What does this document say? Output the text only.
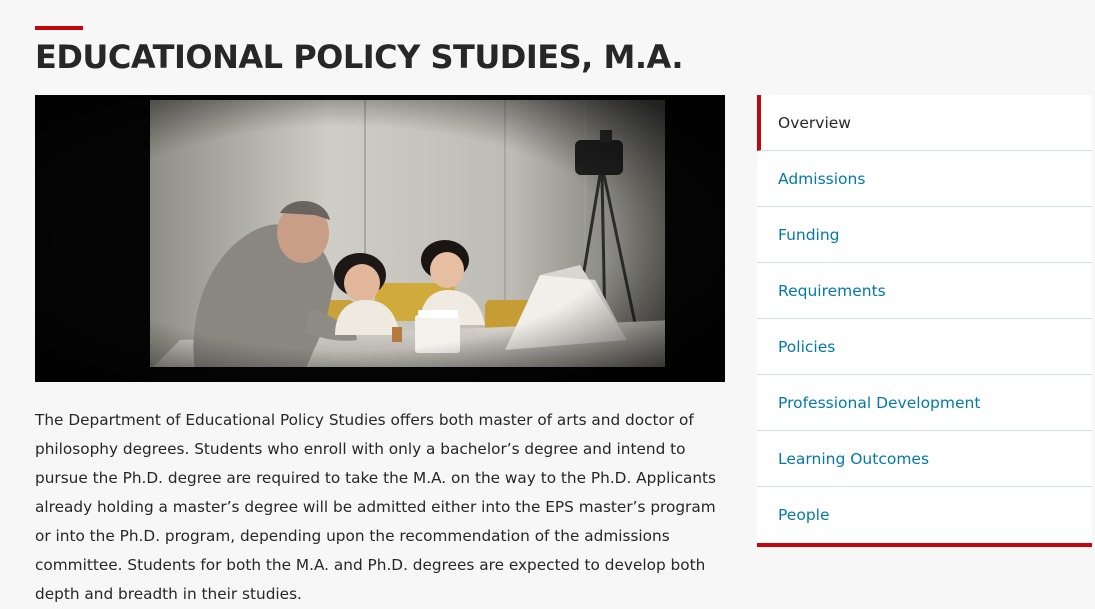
EDUCATIONAL POLICY STUDIES, M.A.

The Department of Educational Policy Studies offers both master of arts and doctor of philosophy degrees. Students who enroll with only a bachelor’s degree and intend to pursue the Ph.D. degree are required to take the M.A. on the way to the Ph.D. Applicants already holding a master’s degree will be admitted either into the EPS master’s program or into the Ph.D. program, depending upon the recommendation of the admissions committee. Students for both the M.A. and Ph.D. degrees are expected to develop both depth and breadth in their studies.

Overview
Admissions
Funding
Requirements
Policies
Professional Development
Learning Outcomes
People
